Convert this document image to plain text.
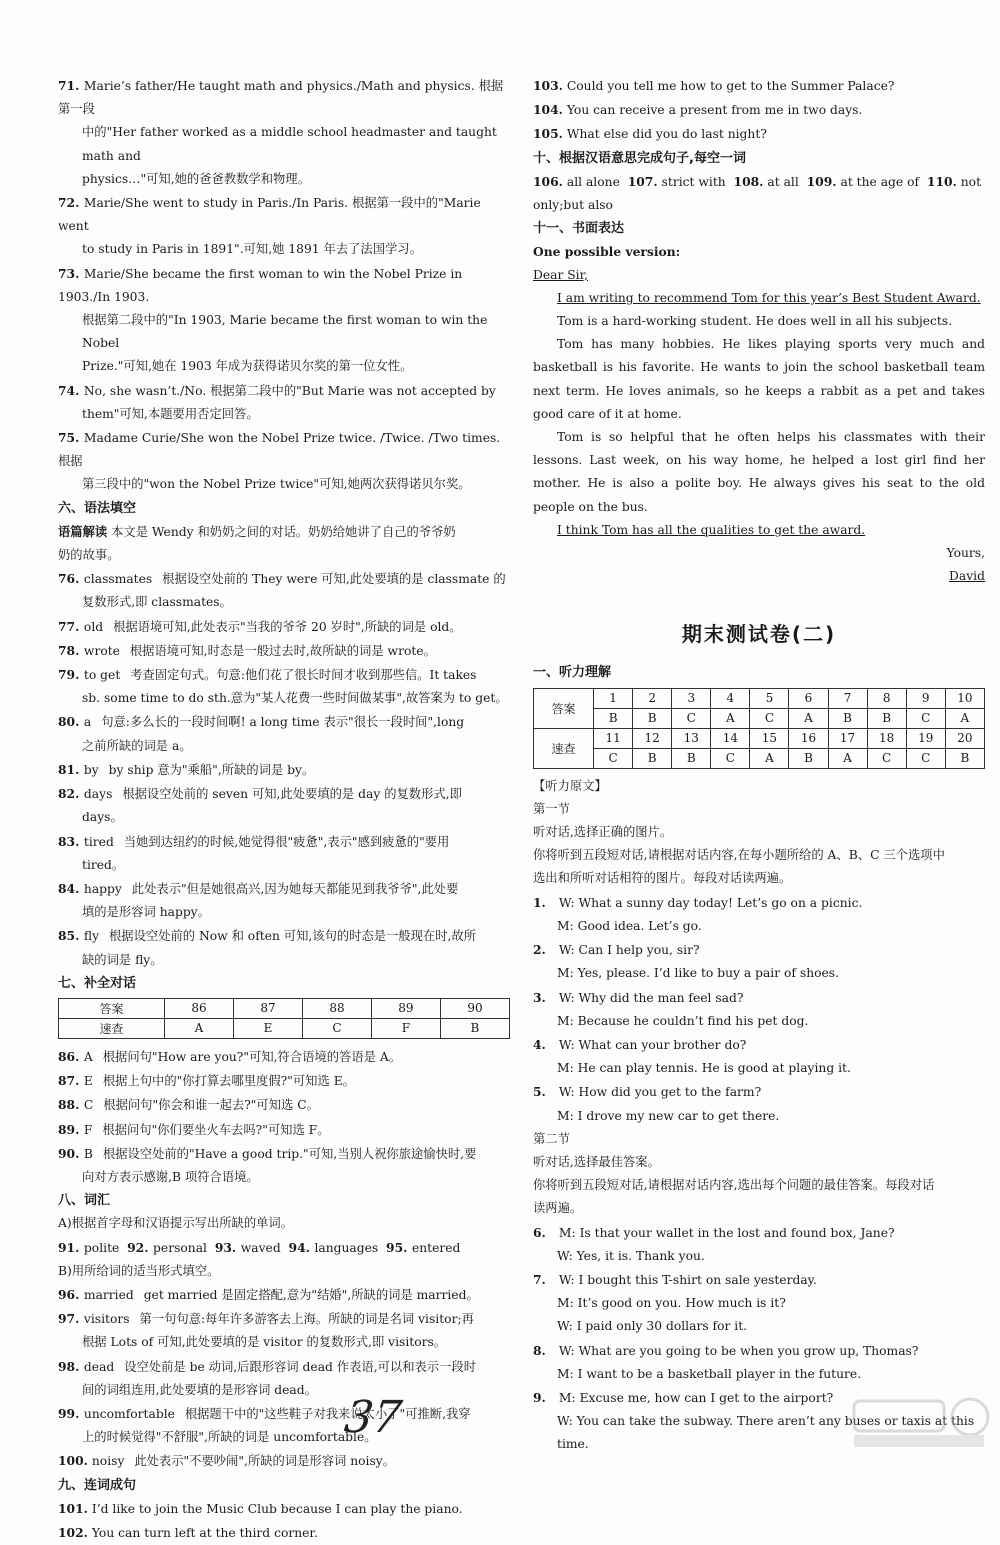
71. Marie’s father/He taught math and physics./Math and physics. 根据第一段

中的"Her father worked as a middle school headmaster and taught math and

physics…"可知,她的爸爸教数学和物理。

72. Marie/She went to study in Paris./In Paris. 根据第一段中的"Marie went

to study in Paris in 1891".可知,她 1891 年去了法国学习。

73. Marie/She became the first woman to win the Nobel Prize in 1903./In 1903.

根据第二段中的"In 1903, Marie became the first woman to win the Nobel

Prize."可知,她在 1903 年成为获得诺贝尔奖的第一位女性。

74. No, she wasn’t./No. 根据第二段中的"But Marie was not accepted by

them"可知,本题要用否定回答。

75. Madame Curie/She won the Nobel Prize twice. /Twice. /Two times. 根据

第三段中的"won the Nobel Prize twice"可知,她两次获得诺贝尔奖。

六、语法填空

语篇解读 本文是 Wendy 和奶奶之间的对话。奶奶给她讲了自己的爷爷奶

奶的故事。

76. classmates 根据设空处前的 They were 可知,此处要填的是 classmate 的

复数形式,即 classmates。

77. old 根据语境可知,此处表示"当我的爷爷 20 岁时",所缺的词是 old。

78. wrote 根据语境可知,时态是一般过去时,故所缺的词是 wrote。

79. to get 考查固定句式。句意:他们花了很长时间才收到那些信。It takes

sb. some time to do sth.意为"某人花费一些时间做某事",故答案为 to get。

80. a 句意:多么长的一段时间啊! a long time 表示"很长一段时间",long

之前所缺的词是 a。

81. by by ship 意为"乘船",所缺的词是 by。

82. days 根据设空处前的 seven 可知,此处要填的是 day 的复数形式,即

days。

83. tired 当她到达纽约的时候,她觉得很"疲惫",表示"感到疲惫的"要用

tired。

84. happy 此处表示"但是她很高兴,因为她每天都能见到我爷爷",此处要

填的是形容词 happy。

85. fly 根据设空处前的 Now 和 often 可知,该句的时态是一般现在时,故所

缺的词是 fly。

七、补全对话
答案	86	87	88	89	90
速查	A	E	C	F	B

86. A 根据问句"How are you?"可知,符合语境的答语是 A。

87. E 根据上句中的"你打算去哪里度假?"可知选 E。

88. C 根据问句"你会和谁一起去?"可知选 C。

89. F 根据问句"你们要坐火车去吗?"可知选 F。

90. B 根据设空处前的"Have a good trip."可知,当别人祝你旅途愉快时,要

向对方表示感谢,B 项符合语境。

八、词汇

A)根据首字母和汉语提示写出所缺的单词。

91. polite 92. personal 93. waved 94. languages 95. entered

B)用所给词的适当形式填空。

96. married get married 是固定搭配,意为"结婚",所缺的词是 married。

97. visitors 第一句句意:每年许多游客去上海。所缺的词是名词 visitor;再

根据 Lots of 可知,此处要填的是 visitor 的复数形式,即 visitors。

98. dead 设空处前是 be 动词,后跟形容词 dead 作表语,可以和表示一段时

间的词组连用,此处要填的是形容词 dead。

99. uncomfortable 根据题干中的"这些鞋子对我来说太小了"可推断,我穿

上的时候觉得"不舒服",所缺的词是 uncomfortable。

100. noisy 此处表示"不要吵闹",所缺的词是形容词 noisy。

九、连词成句

101. I’d like to join the Music Club because I can play the piano.

102. You can turn left at the third corner.

103. Could you tell me how to get to the Summer Palace?

104. You can receive a present from me in two days.

105. What else did you do last night?

十、根据汉语意思完成句子,每空一词

106. all alone 107. strict with 108. at all 109. at the age of 110. not

only;but also

十一、书面表达

One possible version:

Dear Sir,

I am writing to recommend Tom for this year’s Best Student Award.

Tom is a hard-working student. He does well in all his subjects.

Tom has many hobbies. He likes playing sports very much and basketball is his favorite. He wants to join the school basketball team next term. He loves animals, so he keeps a rabbit as a pet and takes good care of it at home.

Tom is so helpful that he often helps his classmates with their lessons. Last week, on his way home, he helped a lost girl find her mother. He is also a polite boy. He always gives his seat to the old people on the bus.

I think Tom has all the qualities to get the award.

Yours,

David

期末测试卷(二)
一、听力理解
答案	1	2	3	4	5	6	7	8	9	10
	B	B	C	A	C	A	B	B	C	A
速查	11	12	13	14	15	16	17	18	19	20
	C	B	B	C	A	B	A	C	C	B

【听力原文】

第一节

听对话,选择正确的图片。

你将听到五段短对话,请根据对话内容,在每小题所给的 A、B、C 三个选项中

选出和所听对话相符的图片。每段对话读两遍。

1. W: What a sunny day today! Let’s go on a picnic.

M: Good idea. Let’s go.

2. W: Can I help you, sir?

M: Yes, please. I’d like to buy a pair of shoes.

3. W: Why did the man feel sad?

M: Because he couldn’t find his pet dog.

4. W: What can your brother do?

M: He can play tennis. He is good at playing it.

5. W: How did you get to the farm?

M: I drove my new car to get there.

第二节

听对话,选择最佳答案。

你将听到五段短对话,请根据对话内容,选出每个问题的最佳答案。每段对话

读两遍。

6. M: Is that your wallet in the lost and found box, Jane?

W: Yes, it is. Thank you.

7. W: I bought this T-shirt on sale yesterday.

M: It’s good on you. How much is it?

W: I paid only 30 dollars for it.

8. W: What are you going to be when you grow up, Thomas?

M: I want to be a basketball player in the future.

9. M: Excuse me, how can I get to the airport?

W: You can take the subway. There aren’t any buses or taxis at this time.

37
